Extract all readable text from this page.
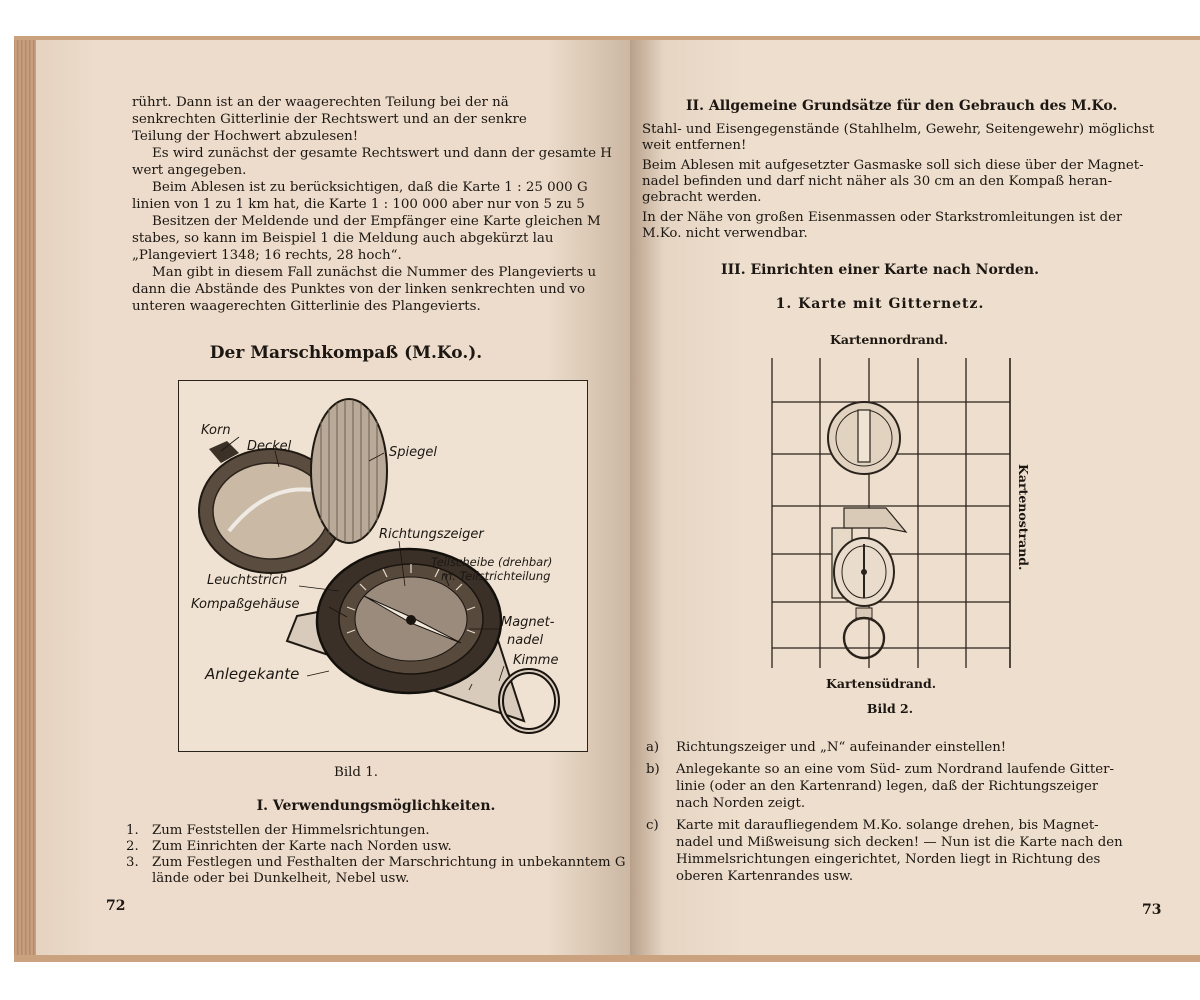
rührt. Dann ist an der waagerechten Teilung bei der nä

senkrechten Gitterlinie der Rechtswert und an der senkre

Teilung der Hochwert abzulesen!

Es wird zunächst der gesamte Rechtswert und dann der gesamte H

wert angegeben.

Beim Ablesen ist zu berücksichtigen, daß die Karte 1 : 25 000 G

linien von 1 zu 1 km hat, die Karte 1 : 100 000 aber nur von 5 zu 5

Besitzen der Meldende und der Empfänger eine Karte gleichen M

stabes, so kann im Beispiel 1 die Meldung auch abgekürzt lau

„Plangeviert 1348; 16 rechts, 28 hoch“.

Man gibt in diesem Fall zunächst die Nummer des Plangevierts u

dann die Abstände des Punktes von der linken senkrechten und vo

unteren waagerechten Gitterlinie des Plangevierts.

Der Marschkompaß (M.Ko.).
Korn
Deckel	Spiegel
Richtungszeiger
Teilscheibe (drehbar)
m. Teilstrichteilung
Leuchtstrich
Kompaßgehäuse
Magnet-
nadel
Kimme
Anlegekante
Bild 1.
I. Verwendungsmöglichkeiten.
1. Zum Feststellen der Himmelsrichtungen.
2. Zum Einrichten der Karte nach Norden usw.
3. Zum Festlegen und Festhalten der Marschrichtung in unbekanntem G
lände oder bei Dunkelheit, Nebel usw.
72
II. Allgemeine Grundsätze für den Gebrauch des M.Ko.
Stahl- und Eisengegenstände (Stahlhelm, Gewehr, Seitengewehr) möglichst
weit entfernen!
Beim Ablesen mit aufgesetzter Gasmaske soll sich diese über der Magnet-
nadel befinden und darf nicht näher als 30 cm an den Kompaß heran-
gebracht werden.
In der Nähe von großen Eisenmassen oder Starkstromleitungen ist der
M.Ko. nicht verwendbar.
III. Einrichten einer Karte nach Norden.
1. Karte mit Gitternetz.
Kartennordrand.
Kartenostrand.
Kartensüdrand.
Bild 2.
a) Richtungszeiger und „N“ aufeinander einstellen!
b) Anlegekante so an eine vom Süd- zum Nordrand laufende Gitter-
linie (oder an den Kartenrand) legen, daß der Richtungszeiger
nach Norden zeigt.
c) Karte mit daraufliegendem M.Ko. solange drehen, bis Magnet-
nadel und Mißweisung sich decken! — Nun ist die Karte nach den
Himmelsrichtungen eingerichtet, Norden liegt in Richtung des
oberen Kartenrandes usw.
73
